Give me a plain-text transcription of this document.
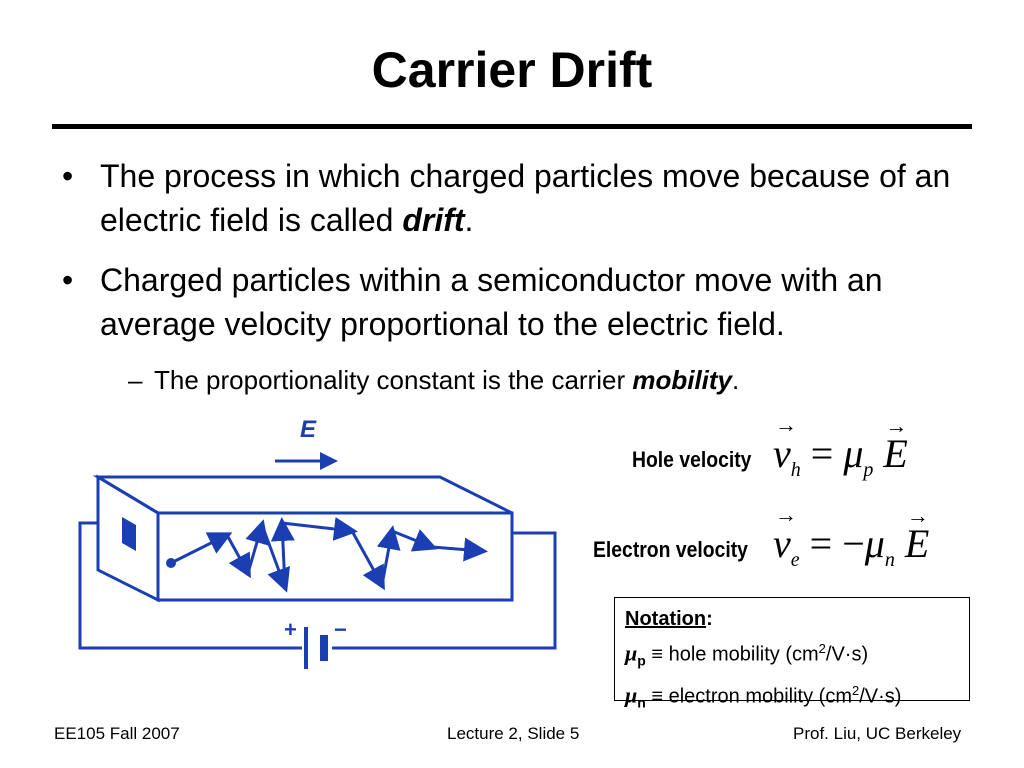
Carrier Drift
• The process in which charged particles move because of an electric field is called drift.
• Charged particles within a semiconductor move with an average velocity proportional to the electric field.
– The proportionality constant is the carrier mobility.
E
+ −
Hole velocity
→
$v_h = \mu_p$
→
E
Electron velocity
→
$v_e = -\mu_n$
→
E
Notation:
$\mu_p$ ≡ hole mobility $(cm^2/V\cdot s)$
$\mu_n$ ≡ electron mobility $(cm^2/V\cdot s)$
EE105 Fall 2007	Lecture 2, Slide 5	Prof. Liu, UC Berkeley
